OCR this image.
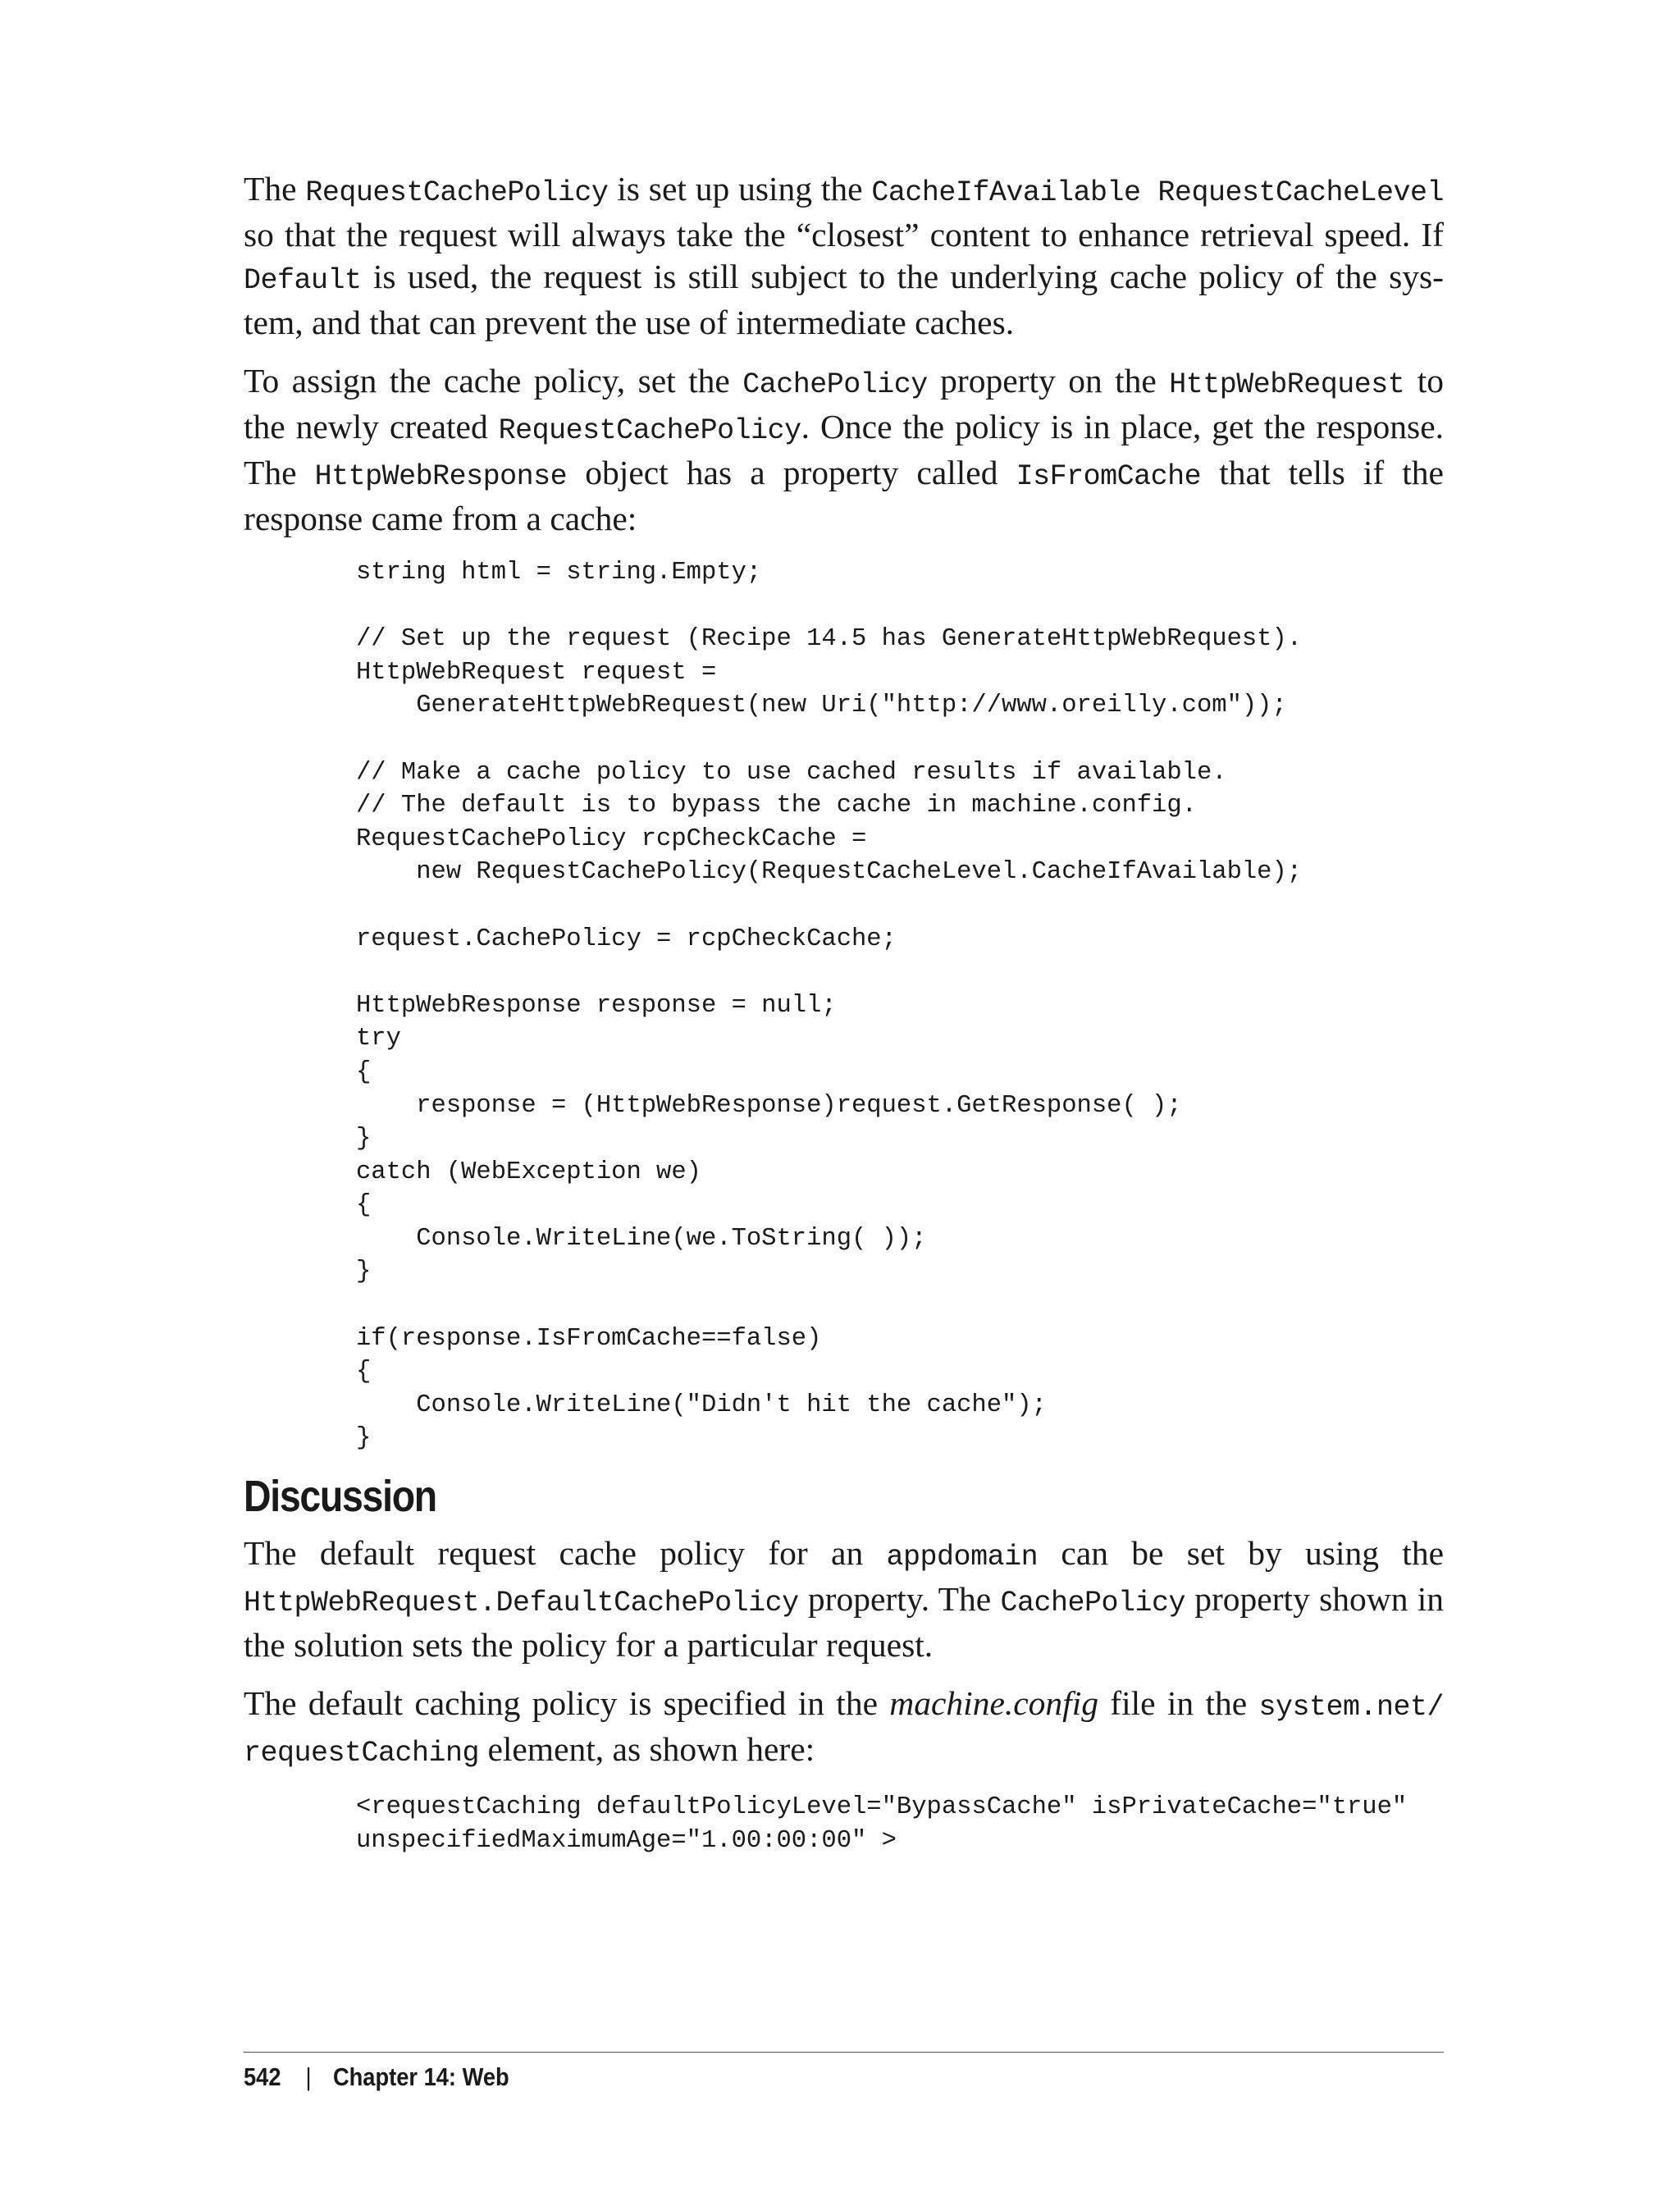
The RequestCachePolicy is set up using the CacheIfAvailable RequestCacheLevel so that the request will always take the “closest” content to enhance retrieval speed. If Default is used, the request is still subject to the underlying cache policy of the system, and that can prevent the use of intermediate caches.

To assign the cache policy, set the CachePolicy property on the HttpWebRequest to the newly created RequestCachePolicy. Once the policy is in place, get the response. The HttpWebResponse object has a property called IsFromCache that tells if the response came from a cache:

string html = string.Empty;

// Set up the request (Recipe 14.5 has GenerateHttpWebRequest).
HttpWebRequest request =
GenerateHttpWebRequest(new Uri("http://www.oreilly.com"));

// Make a cache policy to use cached results if available.
// The default is to bypass the cache in machine.config.
RequestCachePolicy rcpCheckCache =
new RequestCachePolicy(RequestCacheLevel.CacheIfAvailable);

request.CachePolicy = rcpCheckCache;

HttpWebResponse response = null;
try
{
response = (HttpWebResponse)request.GetResponse( );
}
catch (WebException we)
{
Console.WriteLine(we.ToString( ));
}

if(response.IsFromCache==false)
{
Console.WriteLine("Didn't hit the cache");
}
Discussion

The default request cache policy for an appdomain can be set by using the HttpWebRequest.DefaultCachePolicy property. The CachePolicy property shown in the solution sets the policy for a particular request.

The default caching policy is specified in the machine.config file in the system.net/ requestCaching element, as shown here:

<requestCaching defaultPolicyLevel="BypassCache" isPrivateCache="true"
unspecifiedMaximumAge="1.00:00:00" >
542 | Chapter 14: Web
